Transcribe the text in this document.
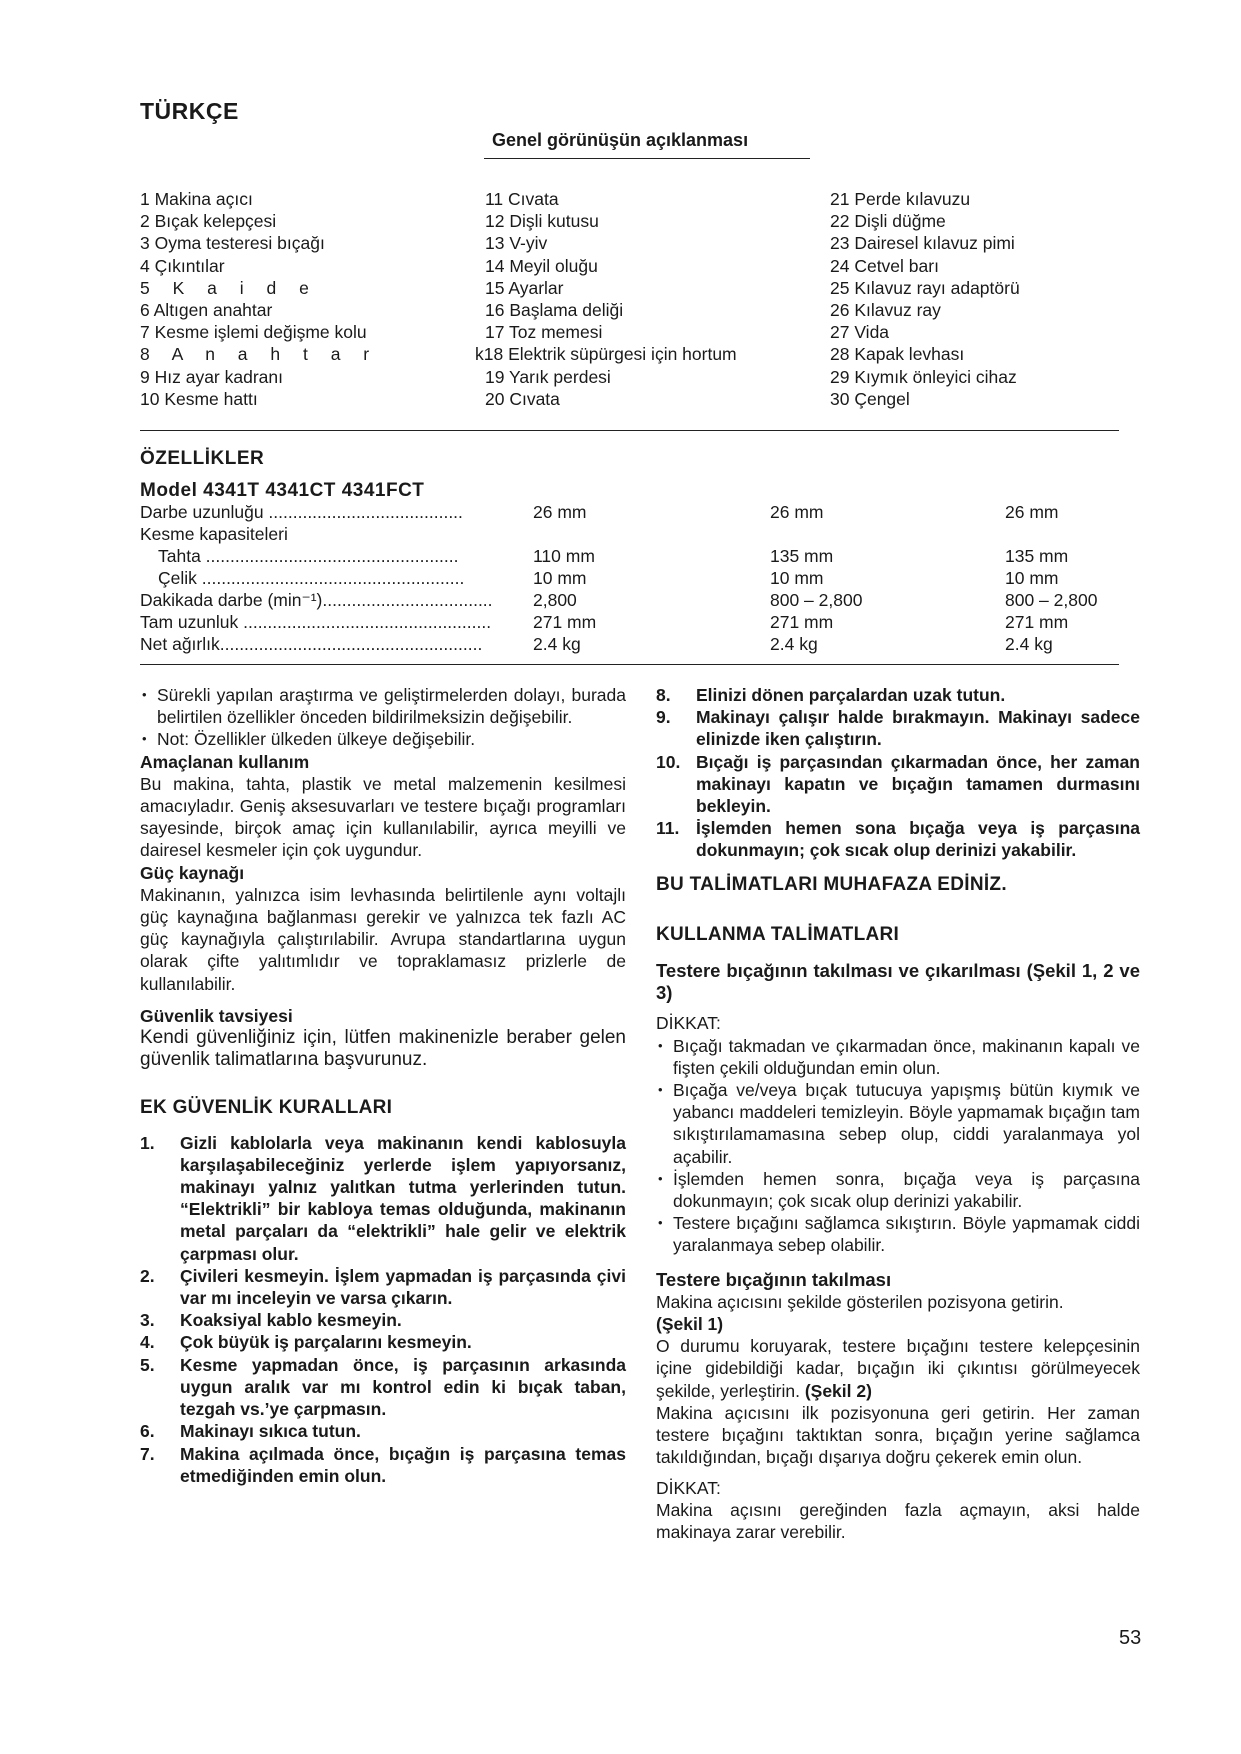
TÜRKÇE
Genel görünüşün açıklanması
1 Makina açıcı
2 Bıçak kelepçesi
3 Oyma testeresi bıçağı
4 Çıkıntılar
5 K a i d e
6 Altıgen anahtar
7 Kesme işlemi değişme kolu
8 A n a h t a r
9 Hız ayar kadranı
10 Kesme hattı
11 Cıvata
12 Dişli kutusu
13 V-yiv
14 Meyil oluğu
15 Ayarlar
16 Başlama deliği
17 Toz memesi
k18 Elektrik süpürgesi için hortum
19 Yarık perdesi
20 Cıvata
21 Perde kılavuzu
22 Dişli düğme
23 Dairesel kılavuz pimi
24 Cetvel barı
25 Kılavuz rayı adaptörü
26 Kılavuz ray
27 Vida
28 Kapak levhası
29 Kıymık önleyici cihaz
30 Çengel
ÖZELLİKLER
Model 4341T 4341CT 4341FCT
Darbe uzunluğu ........................................	26 mm	26 mm	26 mm
Kesme kapasiteleri
Tahta ....................................................	110 mm	135 mm	135 mm
Çelik ......................................................	10 mm	10 mm	10 mm
Dakikada darbe (min⁻¹)...................................	2,800	800 – 2,800	800 – 2,800
Tam uzunluk ...................................................	271 mm	271 mm	271 mm
Net ağırlık......................................................	2.4 kg	2.4 kg	2.4 kg

• Sürekli yapılan araştırma ve geliştirmelerden dolayı, burada belirtilen özellikler önceden bildirilmeksizin değişebilir.

• Not: Özellikler ülkeden ülkeye değişebilir.

Amaçlanan kullanım

Bu makina, tahta, plastik ve metal malzemenin kesilmesi amacıyladır. Geniş aksesuvarları ve testere bıçağı programları sayesinde, birçok amaç için kullanılabilir, ayrıca meyilli ve dairesel kesmeler için çok uygundur.

Güç kaynağı

Makinanın, yalnızca isim levhasında belirtilenle aynı voltajlı güç kaynağına bağlanması gerekir ve yalnızca tek fazlı AC güç kaynağıyla çalıştırılabilir. Avrupa standartlarına uygun olarak çifte yalıtımlıdır ve topraklamasız prizlerle de kullanılabilir.

Güvenlik tavsiyesi

Kendi güvenliğiniz için, lütfen makinenizle beraber gelen güvenlik talimatlarına başvurunuz.

EK GÜVENLİK KURALLARI

1. Gizli kablolarla veya makinanın kendi kablosuyla karşılaşabileceğiniz yerlerde işlem yapıyorsanız, makinayı yalnız yalıtkan tutma yerlerinden tutun. “Elektrikli” bir kabloya temas olduğunda, makinanın metal parçaları da “elektrikli” hale gelir ve elektrik çarpması olur.

2. Çivileri kesmeyin. İşlem yapmadan iş parçasında çivi var mı inceleyin ve varsa çıkarın.

3. Koaksiyal kablo kesmeyin.

4. Çok büyük iş parçalarını kesmeyin.

5. Kesme yapmadan önce, iş parçasının arkasında uygun aralık var mı kontrol edin ki bıçak taban, tezgah vs.’ye çarpmasın.

6. Makinayı sıkıca tutun.

7. Makina açılmada önce, bıçağın iş parçasına temas etmediğinden emin olun.

8. Elinizi dönen parçalardan uzak tutun.

9. Makinayı çalışır halde bırakmayın. Makinayı sadece elinizde iken çalıştırın.

10. Bıçağı iş parçasından çıkarmadan önce, her zaman makinayı kapatın ve bıçağın tamamen durmasını bekleyin.

11. İşlemden hemen sona bıçağa veya iş parçasına dokunmayın; çok sıcak olup derinizi yakabilir.

BU TALİMATLARI MUHAFAZA EDİNİZ.

KULLANMA TALİMATLARI

Testere bıçağının takılması ve çıkarılması (Şekil 1, 2 ve 3)

DİKKAT:

• Bıçağı takmadan ve çıkarmadan önce, makinanın kapalı ve fişten çekili olduğundan emin olun.

• Bıçağa ve/veya bıçak tutucuya yapışmış bütün kıymık ve yabancı maddeleri temizleyin. Böyle yapmamak bıçağın tam sıkıştırılamamasına sebep olup, ciddi yaralanmaya yol açabilir.

• İşlemden hemen sonra, bıçağa veya iş parçasına dokunmayın; çok sıcak olup derinizi yakabilir.

• Testere bıçağını sağlamca sıkıştırın. Böyle yapmamak ciddi yaralanmaya sebep olabilir.

Testere bıçağının takılması

Makina açıcısını şekilde gösterilen pozisyona getirin.

(Şekil 1)

O durumu koruyarak, testere bıçağını testere kelepçesinin içine gidebildiği kadar, bıçağın iki çıkıntısı görülmeyecek şekilde, yerleştirin. (Şekil 2)

Makina açıcısını ilk pozisyonuna geri getirin. Her zaman testere bıçağını taktıktan sonra, bıçağın yerine sağlamca takıldığından, bıçağı dışarıya doğru çekerek emin olun.

DİKKAT:

Makina açısını gereğinden fazla açmayın, aksi halde makinaya zarar verebilir.

53
